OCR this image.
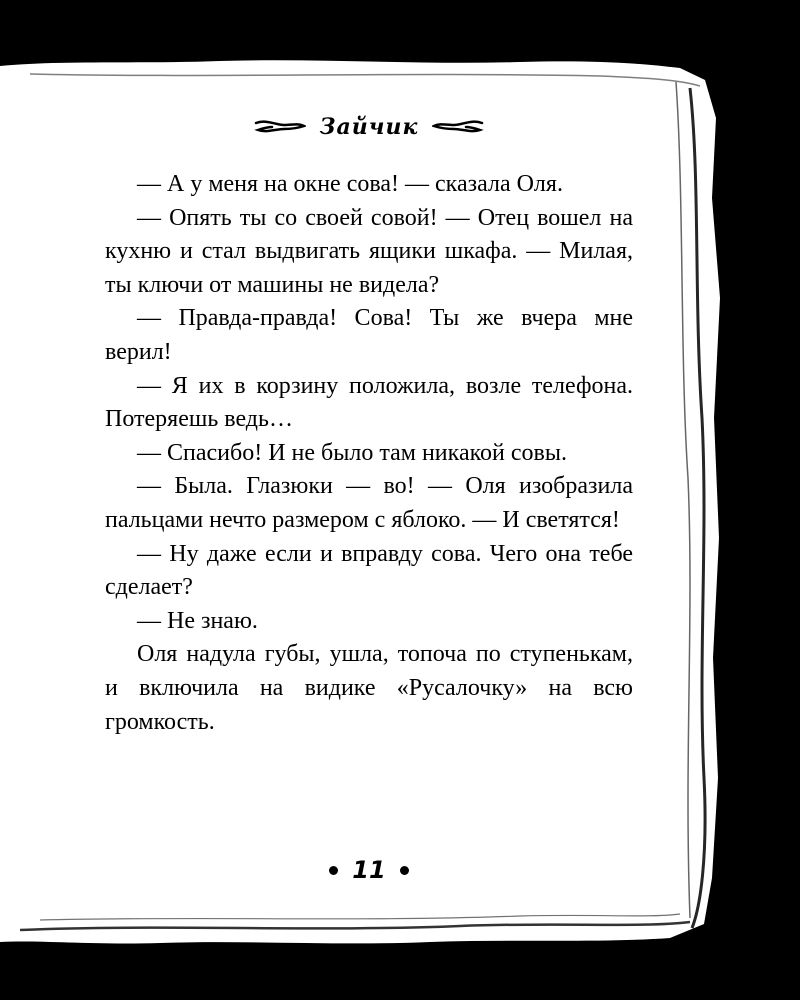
Зайчик

— А у меня на окне сова! — сказала Оля.

— Опять ты со своей совой! — Отец вошел на кухню и стал выдвигать ящики шкафа. — Милая, ты ключи от машины не видела?

— Правда-правда! Сова! Ты же вчера мне верил!

— Я их в корзину положила, возле телефона. Потеряешь ведь…

— Спасибо! И не было там никакой совы.

— Была. Глазюки — во! — Оля изобразила пальцами нечто размером с яблоко. — И светятся!

— Ну даже если и вправду сова. Чего она тебе сделает?

— Не знаю.

Оля надула губы, ушла, топоча по ступенькам, и включила на видике «Русалочку» на всю громкость.

11
